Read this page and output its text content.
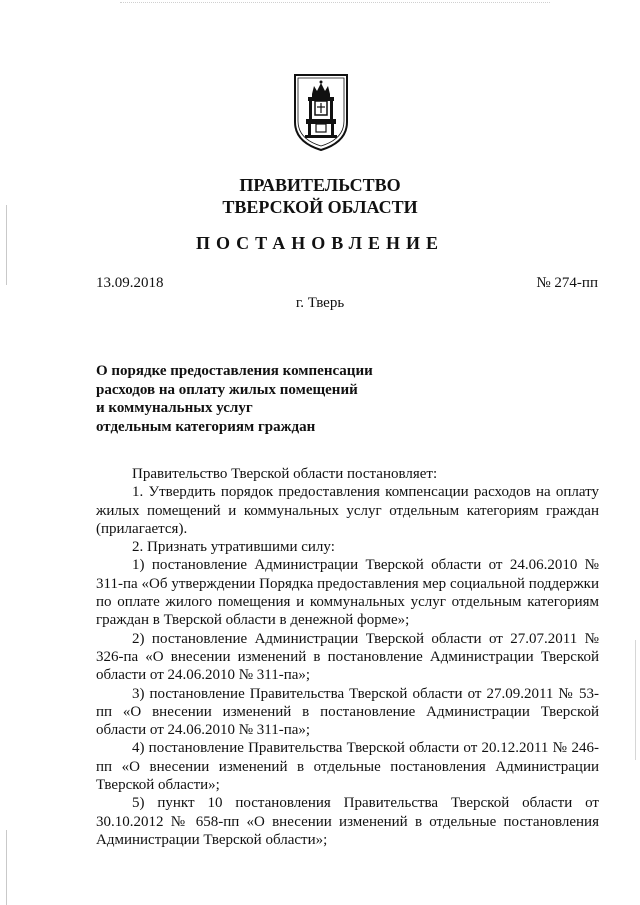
ПРАВИТЕЛЬСТВО
ТВЕРСКОЙ ОБЛАСТИ
ПОСТАНОВЛЕНИЕ
13.09.2018	№ 274-пп
г. Тверь
О порядке предоставления компенсации
расходов на оплату жилых помещений
и коммунальных услуг
отдельным категориям граждан

Правительство Тверской области постановляет:

1. Утвердить порядок предоставления компенсации расходов на оплату жилых помещений и коммунальных услуг отдельным категориям граждан (прилагается).

2. Признать утратившими силу:

1) постановление Администрации Тверской области от 24.06.2010 № 311-па «Об утверждении Порядка предоставления мер социальной поддержки по оплате жилого помещения и коммунальных услуг отдельным категориям граждан в Тверской области в денежной форме»;

2) постановление Администрации Тверской области от 27.07.2011 № 326-па «О внесении изменений в постановление Администрации Тверской области от 24.06.2010 № 311-па»;

3) постановление Правительства Тверской области от 27.09.2011 № 53-пп «О внесении изменений в постановление Администрации Тверской области от 24.06.2010 № 311-па»;

4) постановление Правительства Тверской области от 20.12.2011 № 246-пп «О внесении изменений в отдельные постановления Администрации Тверской области»;

5) пункт 10 постановления Правительства Тверской области от 30.10.2012 № 658-пп «О внесении изменений в отдельные постановления Администрации Тверской области»;
